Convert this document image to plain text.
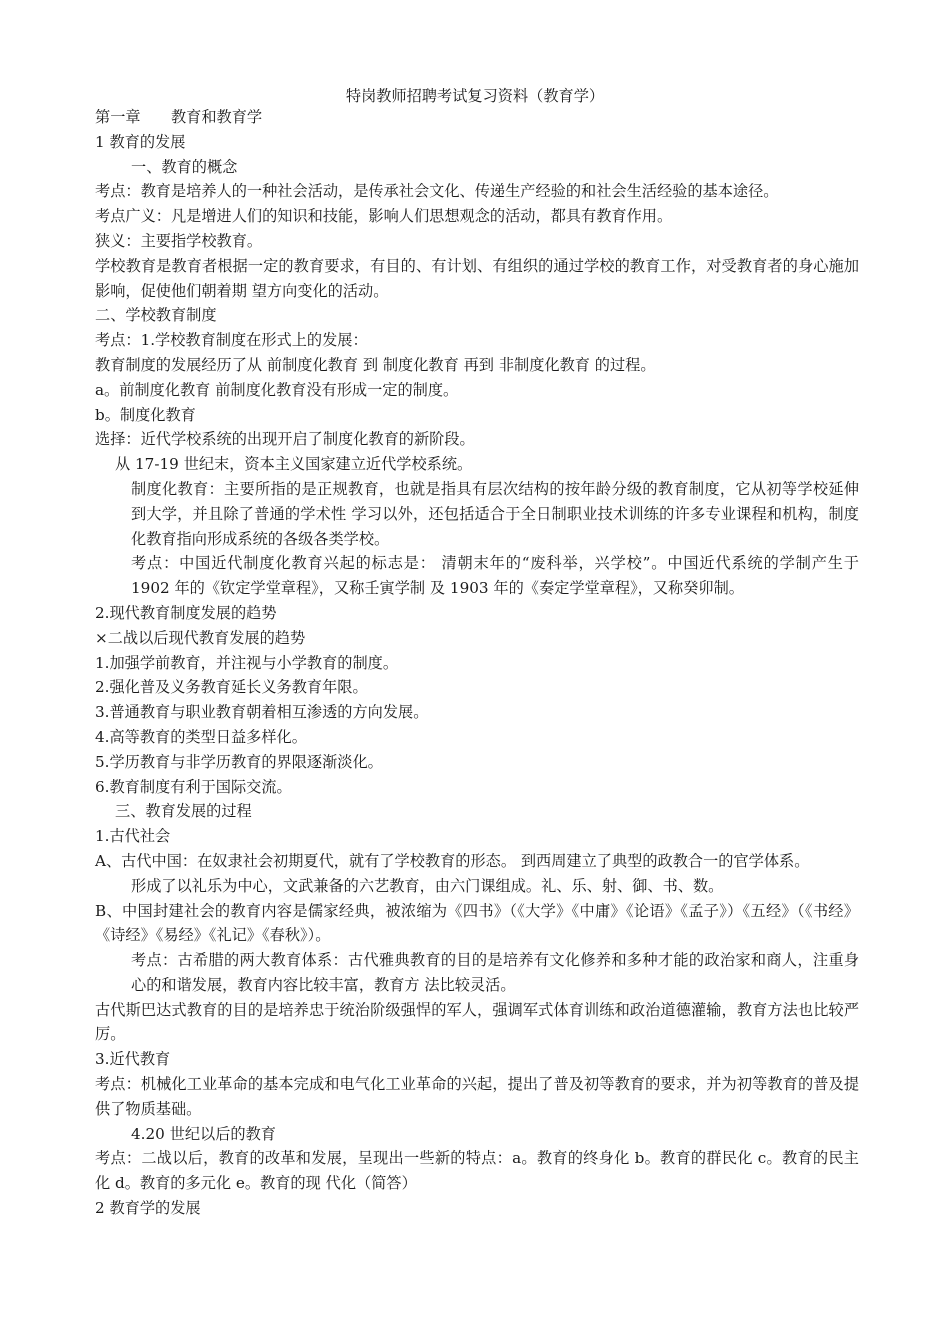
特岗教师招聘考试复习资料（教育学）
第一章　　教育和教育学
1 教育的发展
一、教育的概念
考点：教育是培养人的一种社会活动，是传承社会文化、传递生产经验的和社会生活经验的基本途径。
考点广义：凡是增进人们的知识和技能，影响人们思想观念的活动，都具有教育作用。
狭义：主要指学校教育。
学校教育是教育者根据一定的教育要求，有目的、有计划、有组织的通过学校的教育工作，对受教育者的身心施加影响，促使他们朝着期 望方向变化的活动。
二、学校教育制度
考点：1.学校教育制度在形式上的发展：
教育制度的发展经历了从 前制度化教育 到 制度化教育 再到 非制度化教育 的过程。
a。前制度化教育 前制度化教育没有形成一定的制度。
b。制度化教育
选择：近代学校系统的出现开启了制度化教育的新阶段。
从 17-19 世纪末，资本主义国家建立近代学校系统。
制度化教育：主要所指的是正规教育，也就是指具有层次结构的按年龄分级的教育制度，它从初等学校延伸到大学，并且除了普通的学术性 学习以外，还包括适合于全日制职业技术训练的许多专业课程和机构，制度化教育指向形成系统的各级各类学校。
考点：中国近代制度化教育兴起的标志是： 清朝末年的“废科举，兴学校”。中国近代系统的学制产生于 1902 年的《钦定学堂章程》，又称壬寅学制 及 1903 年的《奏定学堂章程》，又称癸卯制。
2.现代教育制度发展的趋势
×二战以后现代教育发展的趋势
1.加强学前教育，并注视与小学教育的制度。
2.强化普及义务教育延长义务教育年限。
3.普通教育与职业教育朝着相互渗透的方向发展。
4.高等教育的类型日益多样化。
5.学历教育与非学历教育的界限逐渐淡化。
6.教育制度有利于国际交流。
三、教育发展的过程
1.古代社会
A、古代中国：在奴隶社会初期夏代，就有了学校教育的形态。 到西周建立了典型的政教合一的官学体系。
形成了以礼乐为中心，文武兼备的六艺教育，由六门课组成。礼、乐、射、御、书、数。
B、中国封建社会的教育内容是儒家经典，被浓缩为《四书》（《大学》《中庸》《论语》《孟子》）《五经》（《书经》《诗经》《易经》《礼记》《春秋》）。
考点：古希腊的两大教育体系：古代雅典教育的目的是培养有文化修养和多种才能的政治家和商人，注重身心的和谐发展，教育内容比较丰富，教育方 法比较灵活。
古代斯巴达式教育的目的是培养忠于统治阶级强悍的军人，强调军式体育训练和政治道德灌输，教育方法也比较严厉。
3.近代教育
考点：机械化工业革命的基本完成和电气化工业革命的兴起，提出了普及初等教育的要求，并为初等教育的普及提供了物质基础。
4.20 世纪以后的教育
考点：二战以后，教育的改革和发展，呈现出一些新的特点：a。教育的终身化 b。教育的群民化 c。教育的民主化 d。教育的多元化 e。教育的现 代化（简答）
2 教育学的发展
